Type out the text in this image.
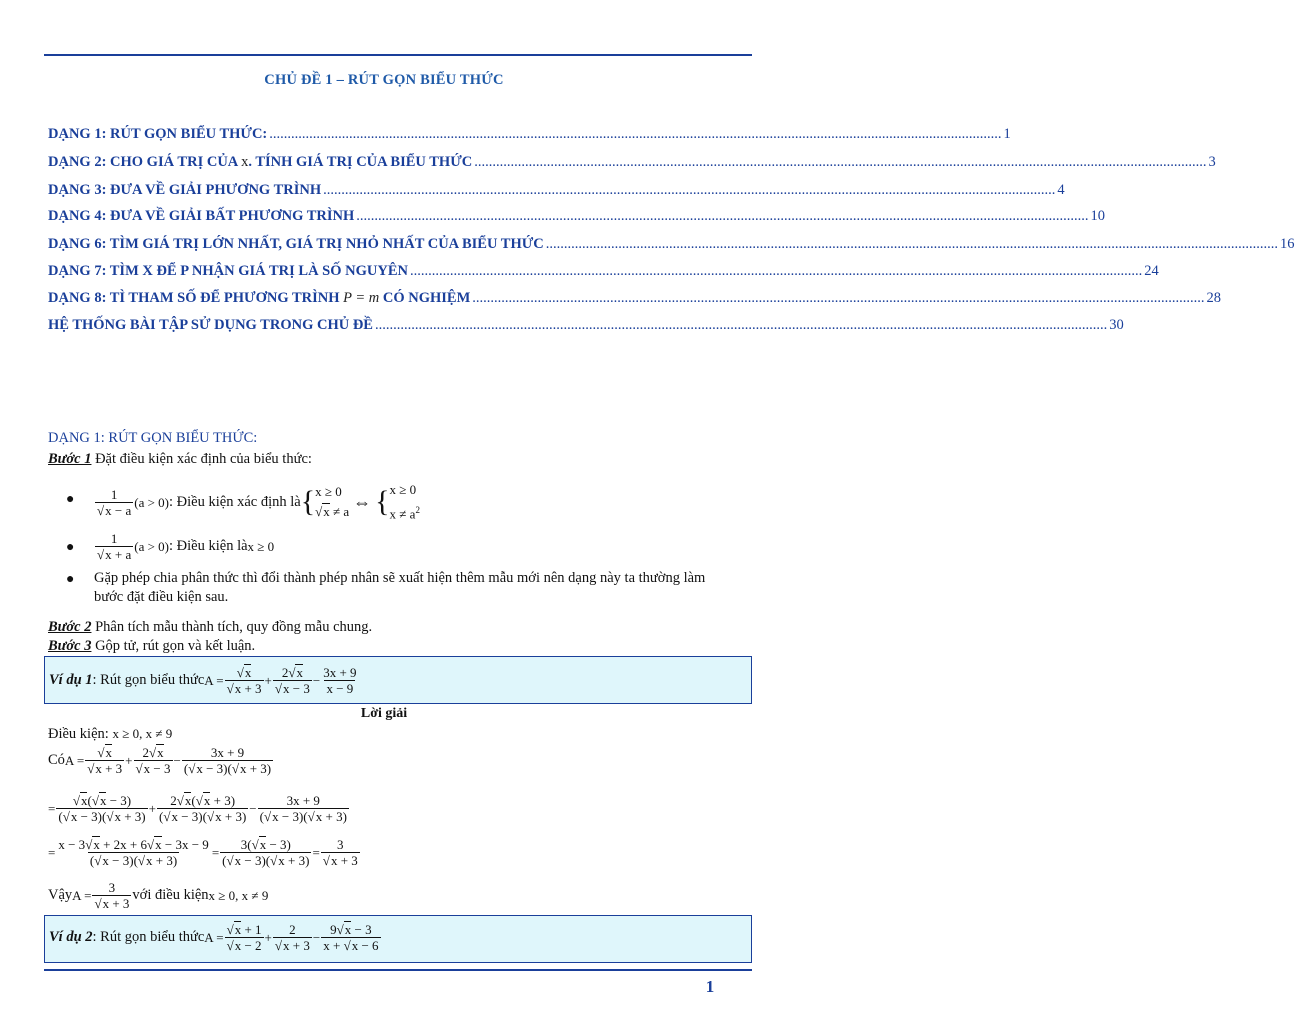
CHỦ ĐỀ 1 – RÚT GỌN BIỂU THỨC
DẠNG 1: RÚT GỌN BIỂU THỨC: .......................................................................................................................................................................................................... 1
DẠNG 2: CHO GIÁ TRỊ CỦA x. TÍNH GIÁ TRỊ CỦA BIỂU THỨC .......................................................................................................................................................................................................... 3
DẠNG 3: ĐƯA VỀ GIẢI PHƯƠNG TRÌNH .......................................................................................................................................................................................................... 4
DẠNG 4: ĐƯA VỀ GIẢI BẤT PHƯƠNG TRÌNH .......................................................................................................................................................................................................... 10
DẠNG 6: TÌM GIÁ TRỊ LỚN NHẤT, GIÁ TRỊ NHỎ NHẤT CỦA BIỂU THỨC .......................................................................................................................................................................................................... 16
DẠNG 7: TÌM X ĐỂ P NHẬN GIÁ TRỊ LÀ SỐ NGUYÊN .......................................................................................................................................................................................................... 24
DẠNG 8: TÌ THAM SỐ ĐỂ PHƯƠNG TRÌNH P = m CÓ NGHIỆM .......................................................................................................................................................................................................... 28
HỆ THỐNG BÀI TẬP SỬ DỤNG TRONG CHỦ ĐỀ .......................................................................................................................................................................................................... 30
DẠNG 1: RÚT GỌN BIỂU THỨC:
Bước 1 Đặt điều kiện xác định của biểu thức:
● 1
√ x − a (a > 0) : Điều kiện xác định là { x ≥ 0
√ x ≠ a ⇔ { x ≥ 0
$x \ne a^2$
● 1
√ x + a (a > 0) : Điều kiện là x ≥ 0
● Gặp phép chia phân thức thì đổi thành phép nhân sẽ xuất hiện thêm mẫu mới nên dạng này ta thường làm bước đặt điều kiện sau.
Bước 2 Phân tích mẫu thành tích, quy đồng mẫu chung.
Bước 3 Gộp tử, rút gọn và kết luận.
Ví dụ 1 : Rút gọn biểu thức A = √ x
√ x + 3 + 2 √ x
√ $x - 3 - \frac{3x + 9}{x - 9}$
Lời giải
Điều kiện: x ≥ 0, x ≠ 9
Có A = √ x
√ x + 3 + 2 √ x
√ $x - 3 - \frac{3x + 9}{( √ x - 3)( √ x + 3)}$
= √ $\frac{x( √ x - 3)}{( √ x - 3)( √ x + 3)} + \frac{2 √ x( √ x + 3)}{( √ x - 3)( √ x + 3)} - \frac{3x + 9}{( √ x - 3)( √ x + 3)}$
= $\frac{x - 3 √ x + 2x + 6 √ x - 3x - 9}{( √ x - 3)( √ x + 3)} = \frac{3( √ x - 3)}{( √ x - 3)( √ x + 3)} = 3$
√ x + 3
Vậy A = 3
√ x + 3 với điều kiện x ≥ 0, x ≠ 9
Ví dụ 2 : Rút gọn biểu thức A = √ x + 1
√ x − 2 + 2
√ $x + 3 - \frac{9 √ x - 3}{x + √ x - 6}$
1
